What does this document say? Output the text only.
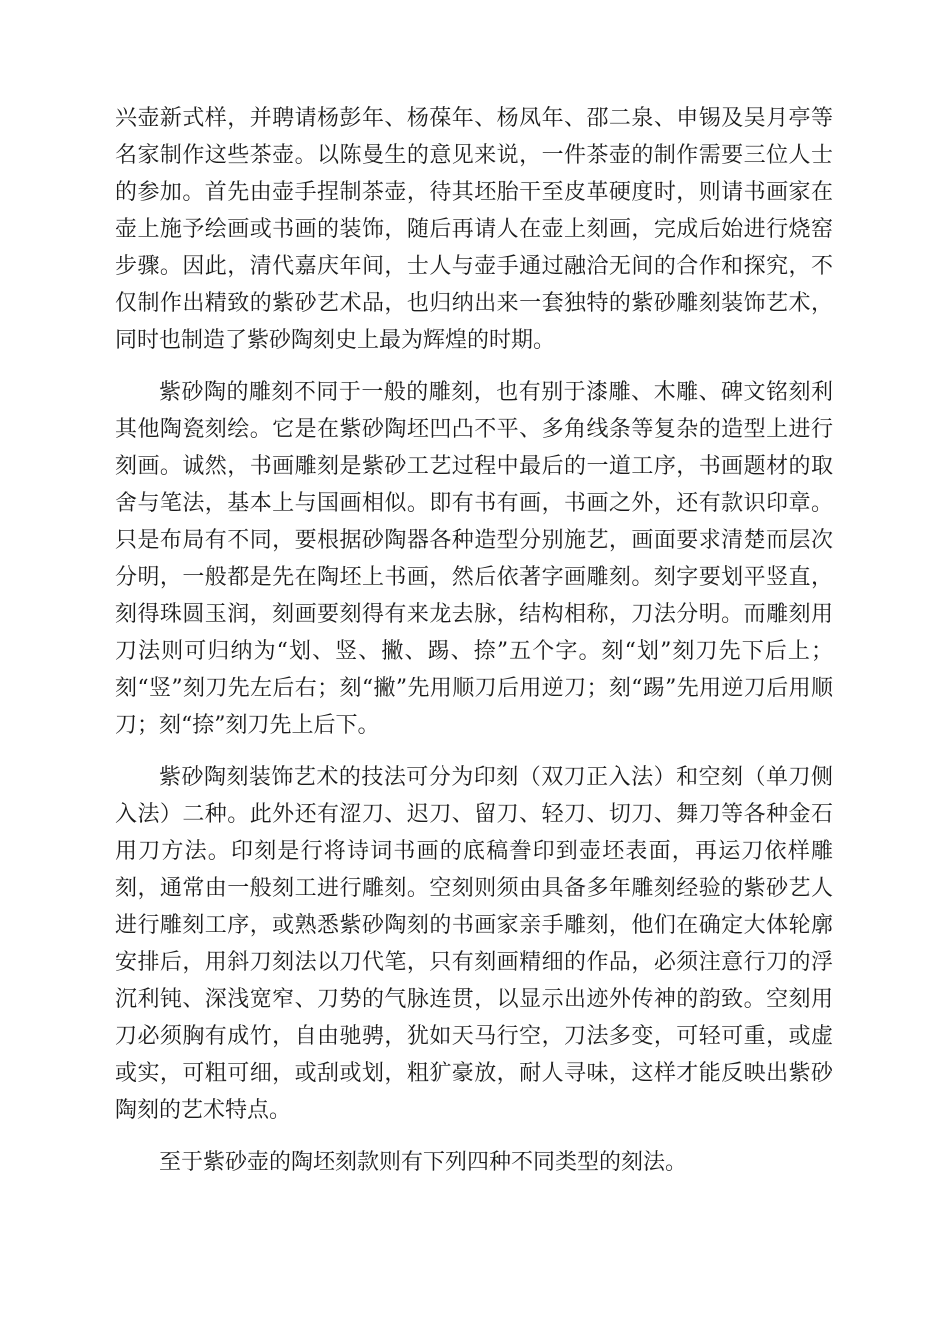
兴壶新式样，并聘请杨彭年、杨葆年、杨凤年、邵二泉、申锡及吴月亭等名家制作这些茶壶。以陈曼生的意见来说，一件茶壶的制作需要三位人士的参加。首先由壶手捏制茶壶，待其坯胎干至皮革硬度时，则请书画家在壶上施予绘画或书画的装饰，随后再请人在壶上刻画，完成后始进行烧窑步骤。因此，清代嘉庆年间，士人与壶手通过融洽无间的合作和探究，不仅制作出精致的紫砂艺术品，也归纳出来一套独特的紫砂雕刻装饰艺术，同时也制造了紫砂陶刻史上最为辉煌的时期。

紫砂陶的雕刻不同于一般的雕刻，也有别于漆雕、木雕、碑文铭刻利其他陶瓷刻绘。它是在紫砂陶坯凹凸不平、多角线条等复杂的造型上进行刻画。诚然，书画雕刻是紫砂工艺过程中最后的一道工序，书画题材的取舍与笔法，基本上与国画相似。即有书有画，书画之外，还有款识印章。只是布局有不同，要根据砂陶器各种造型分别施艺，画面要求清楚而层次分明，一般都是先在陶坯上书画，然后依著字画雕刻。刻字要划平竖直，刻得珠圆玉润，刻画要刻得有来龙去脉，结构相称，刀法分明。而雕刻用刀法则可归纳为“划、竖、撇、踢、捺”五个字。刻“划”刻刀先下后上；刻“竖”刻刀先左后右；刻“撇”先用顺刀后用逆刀；刻“踢”先用逆刀后用顺刀；刻“捺”刻刀先上后下。

紫砂陶刻装饰艺术的技法可分为印刻（双刀正入法）和空刻（单刀侧入法）二种。此外还有涩刀、迟刀、留刀、轻刀、切刀、舞刀等各种金石用刀方法。印刻是行将诗词书画的底稿誊印到壶坯表面，再运刀依样雕刻，通常由一般刻工进行雕刻。空刻则须由具备多年雕刻经验的紫砂艺人进行雕刻工序，或熟悉紫砂陶刻的书画家亲手雕刻，他们在确定大体轮廓安排后，用斜刀刻法以刀代笔，只有刻画精细的作品，必须注意行刀的浮沉利钝、深浅宽窄、刀势的气脉连贯，以显示出迹外传神的韵致。空刻用刀必须胸有成竹，自由驰骋，犹如天马行空，刀法多变，可轻可重，或虚或实，可粗可细，或刮或划，粗犷豪放，耐人寻味，这样才能反映出紫砂陶刻的艺术特点。

至于紫砂壶的陶坯刻款则有下列四种不同类型的刻法。
